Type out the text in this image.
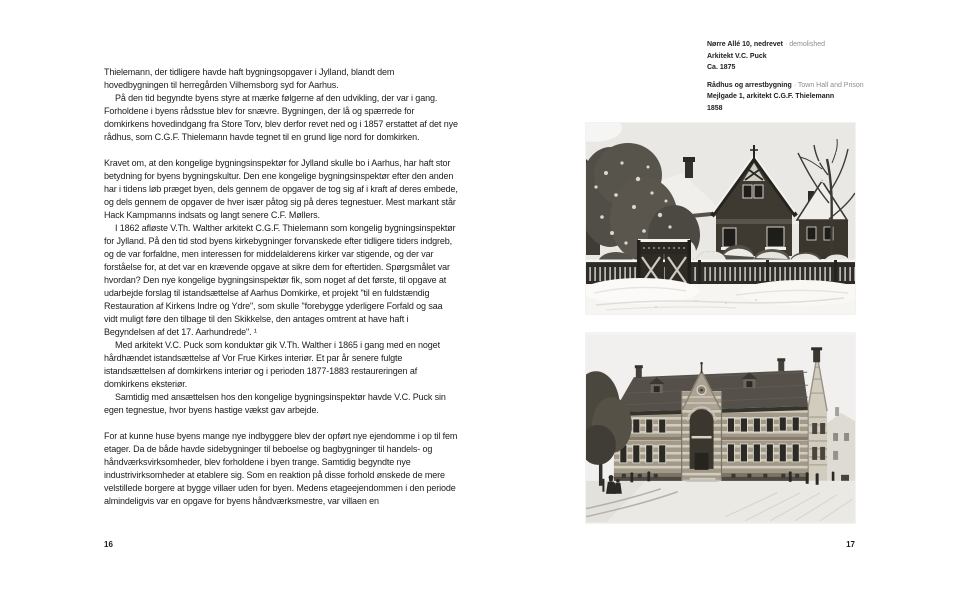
Thielemann, der tidligere havde haft bygningsopgaver i Jylland, blandt dem hovedbygningen til herregården Vilhemsborg syd for Aarhus.

På den tid begyndte byens styre at mærke følgerne af den udvikling, der var i gang. Forholdene i byens rådsstue blev for snævre. Bygningen, der lå og spærrede for domkirkens hovedindgang fra Store Torv, blev derfor revet ned og i 1857 erstattet af det nye rådhus, som C.G.F. Thielemann havde tegnet til en grund lige nord for domkirken.

Kravet om, at den kongelige bygningsinspektør for Jylland skulle bo i Aarhus, har haft stor betydning for byens bygningskultur. Den ene kongelige bygningsinspektør efter den anden har i tidens løb præget byen, dels gennem de opgaver de tog sig af i kraft af deres embede, og dels gennem de opgaver de hver især påtog sig på deres tegnestuer. Mest markant står Hack Kampmanns indsats og langt senere C.F. Møllers.

I 1862 afløste V.Th. Walther arkitekt C.G.F. Thielemann som kongelig bygningsinspektør for Jylland. På den tid stod byens kirkebygninger forvanskede efter tidligere tiders indgreb, og de var forfaldne, men interessen for middelalderens kirker var stigende, og der var forståelse for, at det var en krævende opgave at sikre dem for eftertiden. Spørgsmålet var hvordan? Den nye kongelige bygningsinspektør fik, som noget af det første, til opgave at udarbejde forslag til istandsættelse af Aarhus Domkirke, et projekt "til en fuldstændig Restauration af Kirkens Indre og Ydre", som skulle "forebygge yderligere Forfald og saa vidt muligt føre den tilbage til den Skikkelse, den antages omtrent at have haft i Begyndelsen af det 17. Aarhundrede". ¹

Med arkitekt V.C. Puck som konduktør gik V.Th. Walther i 1865 i gang med en noget hårdhændet istandsættelse af Vor Frue Kirkes interiør. Et par år senere fulgte istandsættelsen af domkirkens interiør og i perioden 1877-1883 restaureringen af domkirkens eksteriør.

Samtidig med ansættelsen hos den kongelige bygningsinspektør havde V.C. Puck sin egen tegnestue, hvor byens hastige vækst gav arbejde.

For at kunne huse byens mange nye indbyggere blev der opført nye ejendomme i op til fem etager. Da de både havde sidebygninger til beboelse og bagbygninger til handels- og håndværksvirksomheder, blev forholdene i byen trange. Samtidig begyndte nye industrivirksomheder at etablere sig. Som en reaktion på disse forhold ønskede de mere velstillede borgere at bygge villaer uden for byen. Medens etageejendommen i den periode almindeligvis var en opgave for byens håndværksmestre, var villaen en

16
Nørre Allé 10, nedrevet · demolished
Arkitekt V.C. Puck
Ca. 1875
Rådhus og arrestbygning · Town Hall and Prison
Mejlgade 1, arkitekt C.G.F. Thielemann
1858
17
